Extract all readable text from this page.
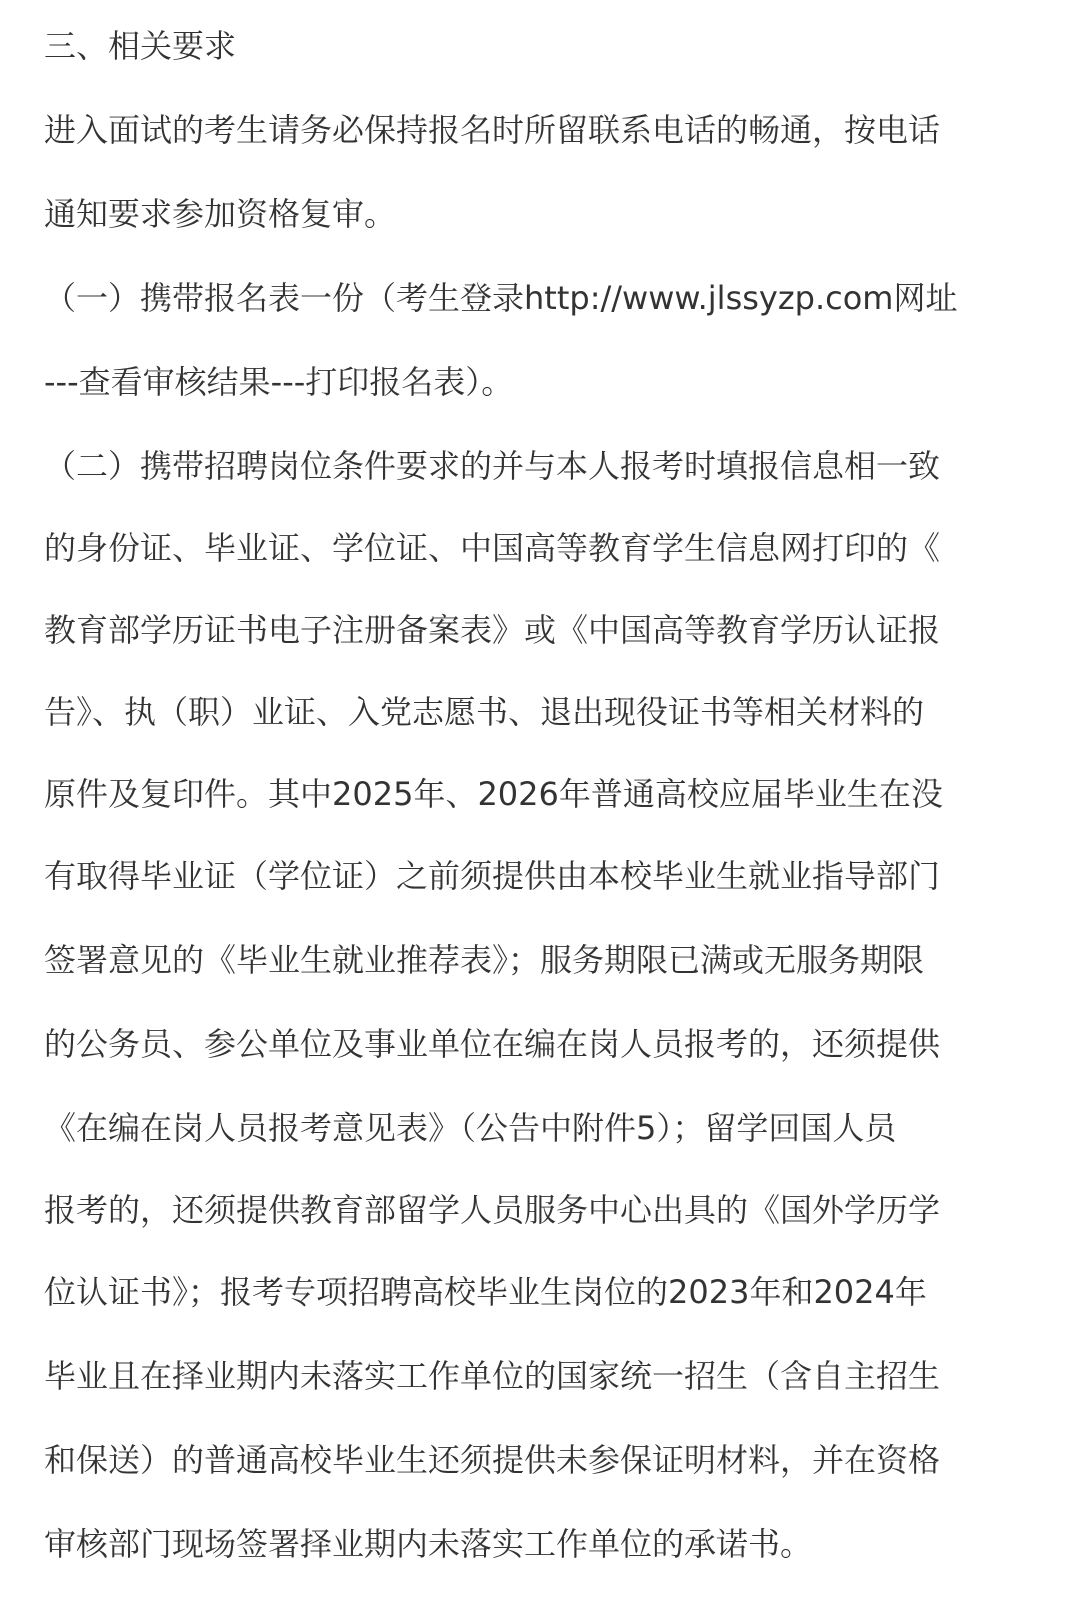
三、相关要求
进入面试的考生请务必保持报名时所留联系电话的畅通，按电话
通知要求参加资格复审。
（一）携带报名表一份（考生登录http://www.jlssyzp.com网址
---查看审核结果---打印报名表）。
（二）携带招聘岗位条件要求的并与本人报考时填报信息相一致
的身份证、毕业证、学位证、中国高等教育学生信息网打印的《
教育部学历证书电子注册备案表》或《中国高等教育学历认证报
告》、执（职）业证、入党志愿书、退出现役证书等相关材料的
原件及复印件。其中2025年、2026年普通高校应届毕业生在没
有取得毕业证（学位证）之前须提供由本校毕业生就业指导部门
签署意见的《毕业生就业推荐表》；服务期限已满或无服务期限
的公务员、参公单位及事业单位在编在岗人员报考的，还须提供
《在编在岗人员报考意见表》（公告中附件5）；留学回国人员
报考的，还须提供教育部留学人员服务中心出具的《国外学历学
位认证书》；报考专项招聘高校毕业生岗位的2023年和2024年
毕业且在择业期内未落实工作单位的国家统一招生（含自主招生
和保送）的普通高校毕业生还须提供未参保证明材料，并在资格
审核部门现场签署择业期内未落实工作单位的承诺书。
